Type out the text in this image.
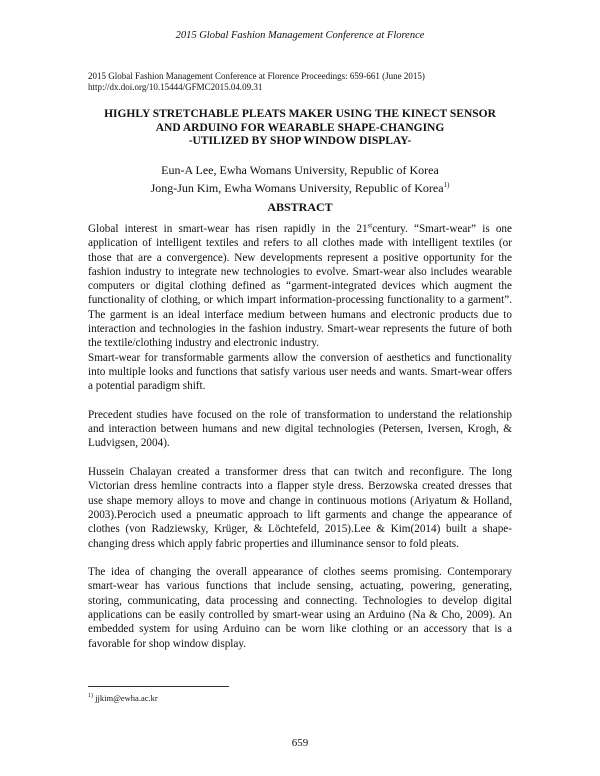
2015 Global Fashion Management Conference at Florence
2015 Global Fashion Management Conference at Florence Proceedings: 659-661 (June 2015)
http://dx.doi.org/10.15444/GFMC2015.04.09.31
HIGHLY STRETCHABLE PLEATS MAKER USING THE KINECT SENSOR
AND ARDUINO FOR WEARABLE SHAPE-CHANGING
-UTILIZED BY SHOP WINDOW DISPLAY-
Eun-A Lee, Ewha Womans University, Republic of Korea
Jong-Jun Kim, Ewha Womans University, Republic of Korea$^{1)}$
ABSTRACT

Global interest in smart-wear has risen rapidly in the 21stcentury. “Smart-wear” is one application of intelligent textiles and refers to all clothes made with intelligent textiles (or those that are a convergence). New developments represent a positive opportunity for the fashion industry to integrate new technologies to evolve. Smart-wear also includes wearable computers or digital clothing defined as “garment-integrated devices which augment the functionality of clothing, or which impart information-processing functionality to a garment”. The garment is an ideal interface medium between humans and electronic products due to interaction and technologies in the fashion industry. Smart-wear represents the future of both the textile/clothing industry and electronic industry.

Smart-wear for transformable garments allow the conversion of aesthetics and functionality into multiple looks and functions that satisfy various user needs and wants. Smart-wear offers a potential paradigm shift.

Precedent studies have focused on the role of transformation to understand the relationship and interaction between humans and new digital technologies (Petersen, Iversen, Krogh, & Ludvigsen, 2004).

Hussein Chalayan created a transformer dress that can twitch and reconfigure. The long Victorian dress hemline contracts into a flapper style dress. Berzowska created dresses that use shape memory alloys to move and change in continuous motions (Ariyatum & Holland, 2003).Perocich used a pneumatic approach to lift garments and change the appearance of clothes (von Radziewsky, Krüger, & Löchtefeld, 2015).Lee & Kim(2014) built a shape-changing dress which apply fabric properties and illuminance sensor to fold pleats.

The idea of changing the overall appearance of clothes seems promising. Contemporary smart-wear has various functions that include sensing, actuating, powering, generating, storing, communicating, data processing and connecting. Technologies to develop digital applications can be easily controlled by smart-wear using an Arduino (Na & Cho, 2009). An embedded system for using Arduino can be worn like clothing or an accessory that is a favorable for shop window display.

$^{1)}$ jjkim@ewha.ac.kr
659
